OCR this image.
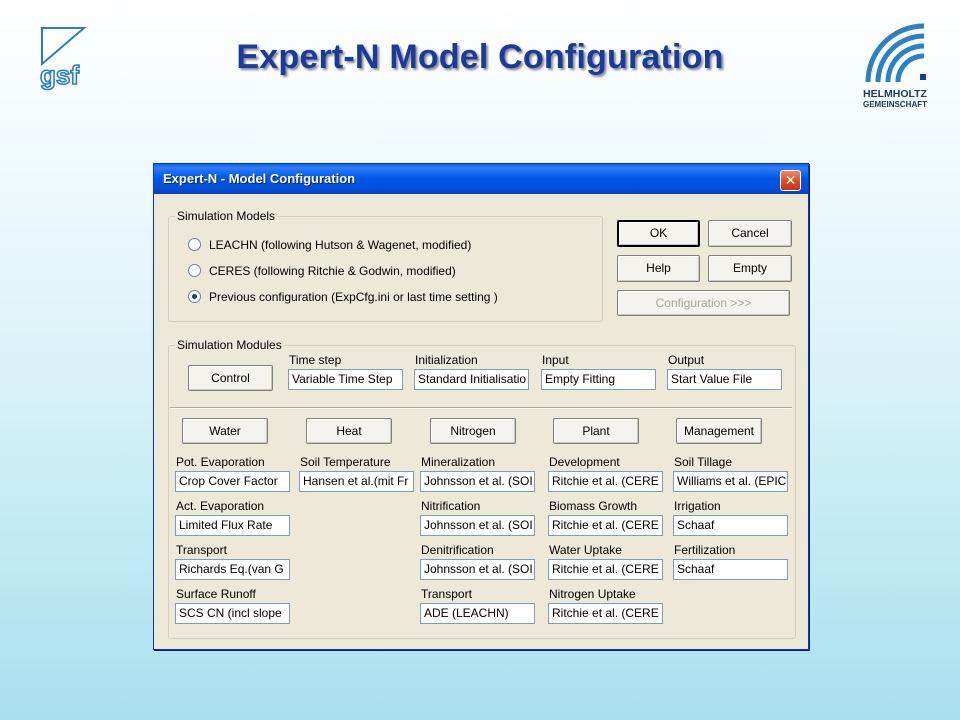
gsf
HELMHOLTZ
GEMEINSCHAFT
Expert-N Model Configuration
Expert-N - Model Configuration	✕
Simulation Models
LEACHN (following Hutson & Wagenet, modified)
CERES (following Ritchie & Godwin, modified)
Previous configuration (ExpCfg.ini or last time setting )
OK	Cancel
Help	Empty
Configuration >>>
Simulation Modules
Control
Time step
Variable Time Step
Initialization
Standard Initialisatio
Input
Empty Fitting
Output
Start Value File
Water	Heat	Nitrogen	Plant	Management
Pot. Evaporation
Crop Cover Factor
Act. Evaporation
Limited Flux Rate
Transport
Richards Eq.(van G
Surface Runoff
SCS CN (incl slope
Soil Temperature
Hansen et al.(mit Fr
Mineralization
Johnsson et al. (SOI
Nitrification
Johnsson et al. (SOI
Denitrification
Johnsson et al. (SOI
Transport
ADE (LEACHN)
Development
Ritchie et al. (CERE
Biomass Growth
Ritchie et al. (CERE
Water Uptake
Ritchie et al. (CERE
Nitrogen Uptake
Ritchie et al. (CERE
Soil Tillage
Williams et al. (EPIC
Irrigation
Schaaf
Fertilization
Schaaf
